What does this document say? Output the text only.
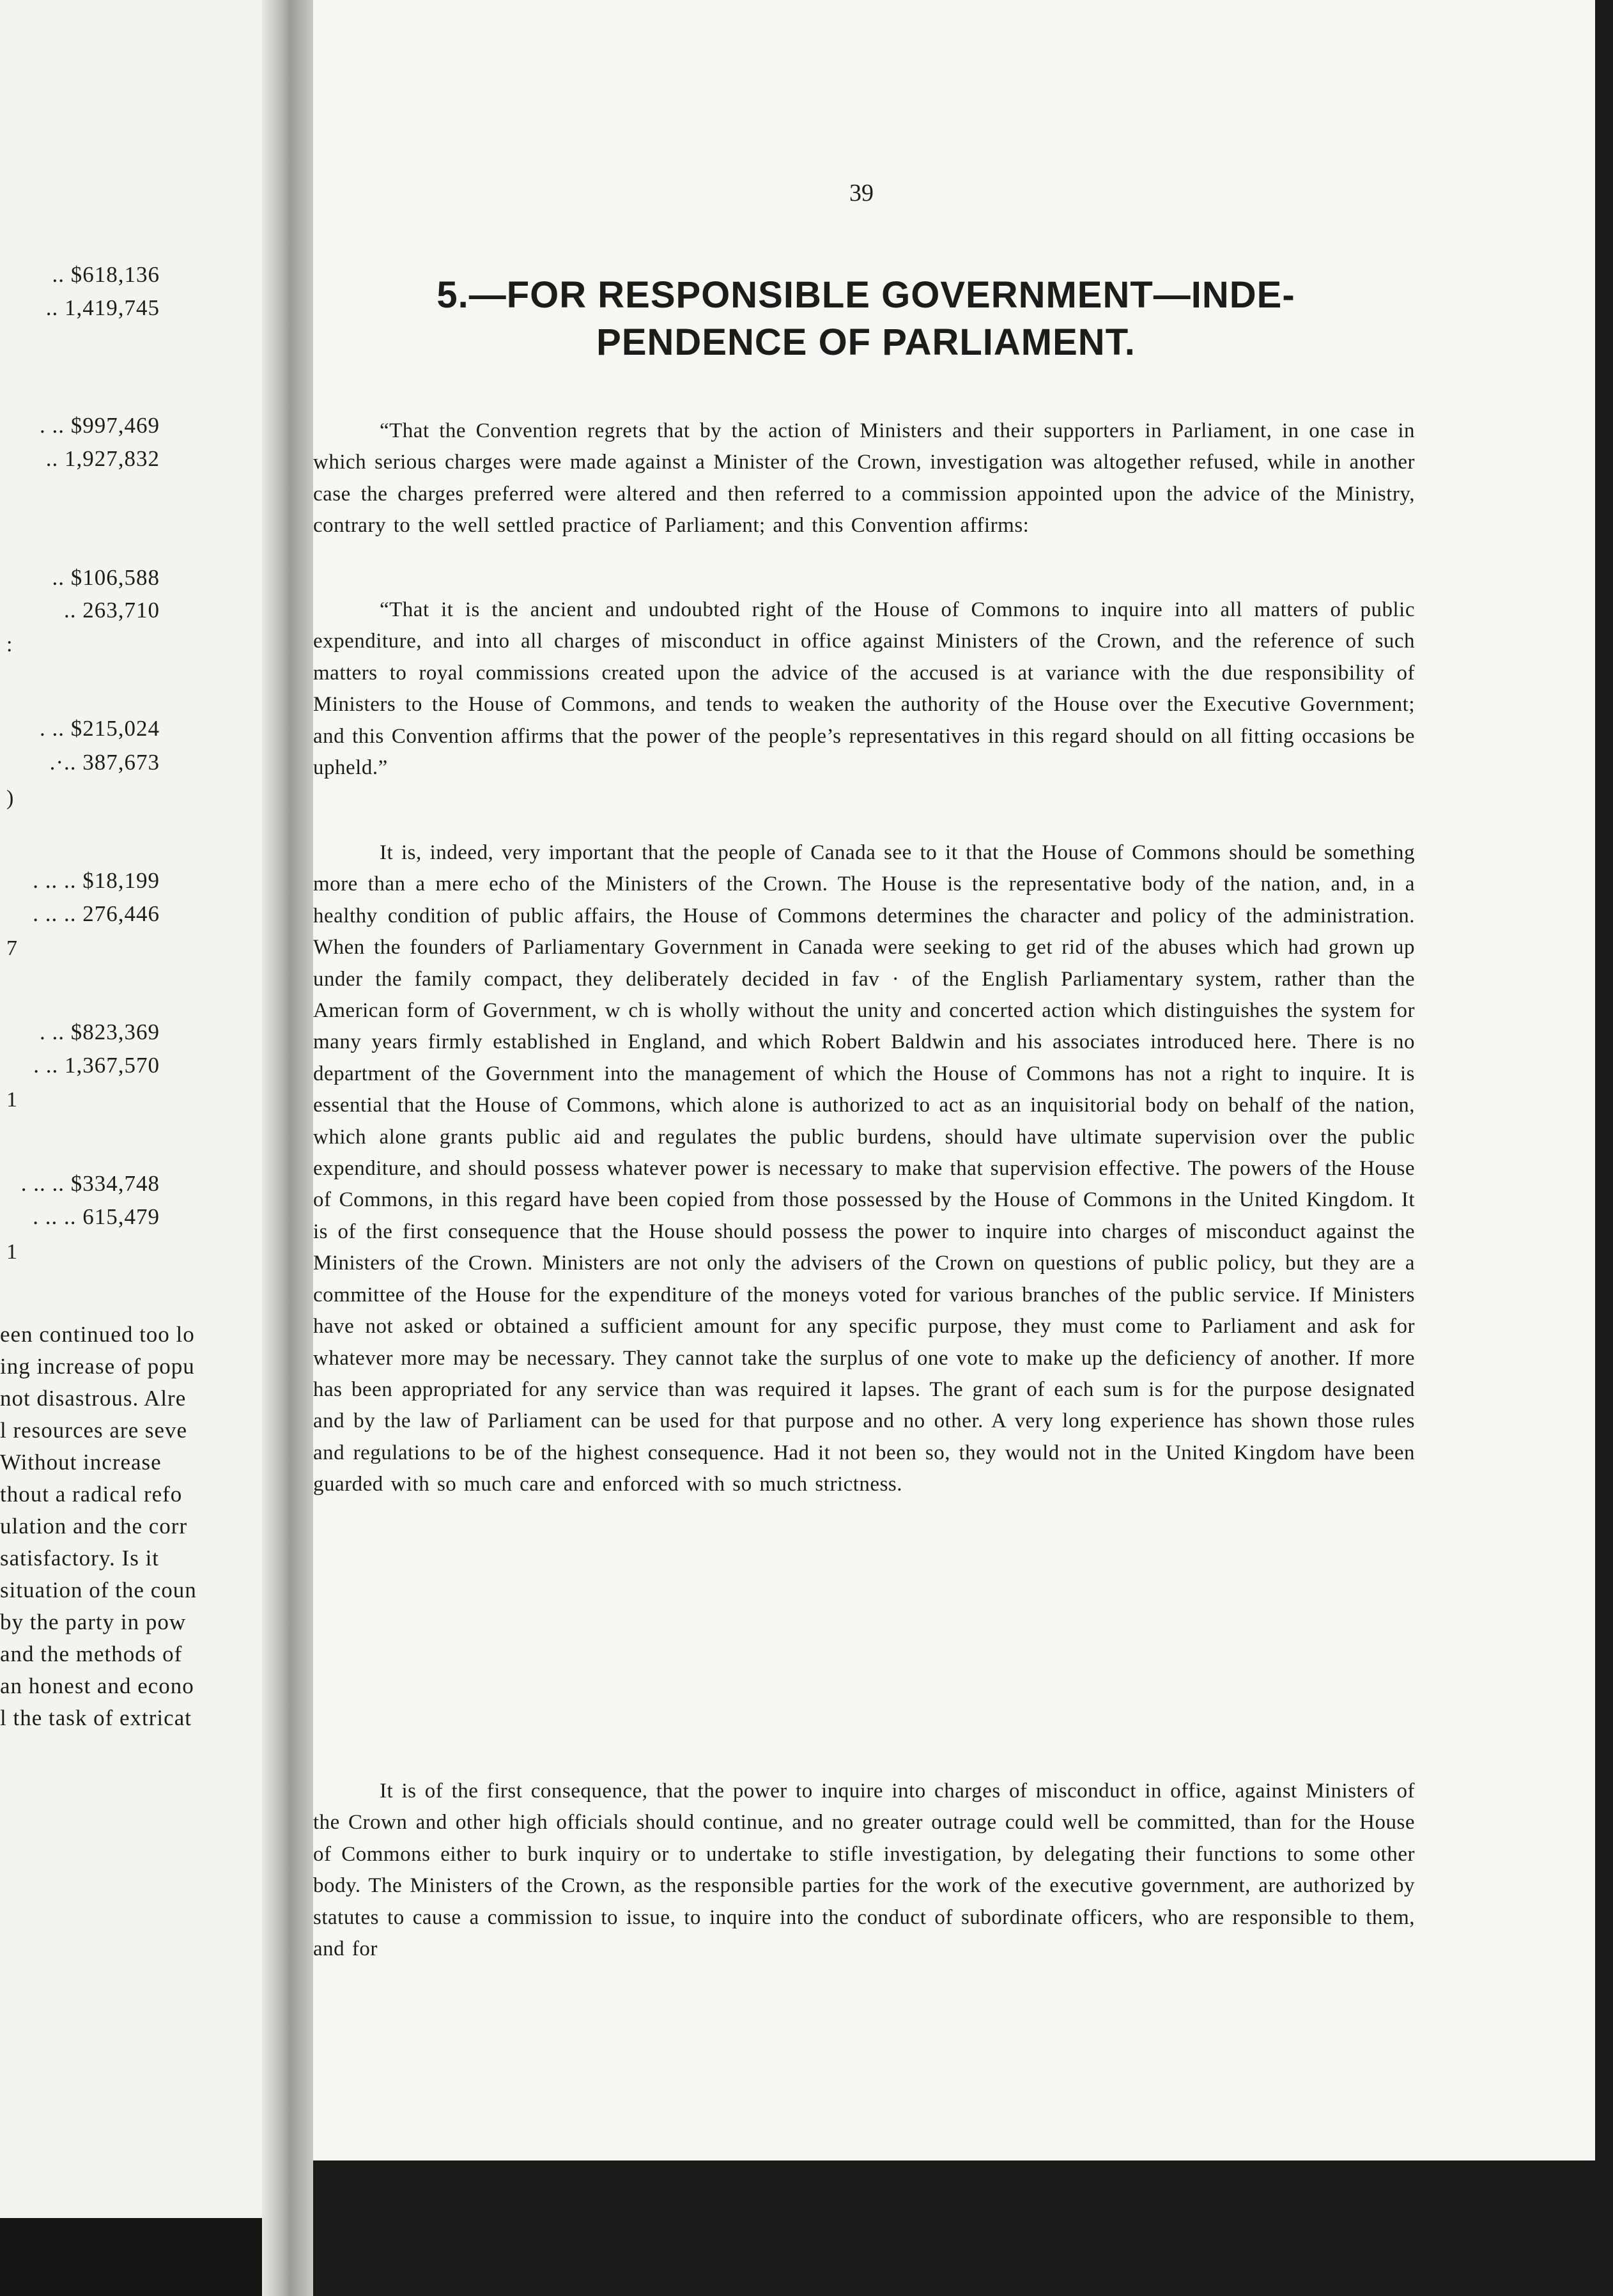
.. $618,136
.. 1,419,745
. .. $997,469
.. 1,927,832
.. $106,588
.. 263,710
:
. .. $215,024
.·.. 387,673
)
. .. .. $18,199
. .. .. 276,446
7
. .. $823,369
. .. 1,367,570
1
. .. .. $334,748
. .. .. 615,479
1
een continued too lo
ing increase of popu
not disastrous. Alre
l resources are seve
Without increase
thout a radical refo
ulation and the corr
satisfactory. Is it
situation of the coun
by the party in pow
and the methods of
an honest and econo
l the task of extricat
39
5.—FOR RESPONSIBLE GOVERNMENT—INDE-
PENDENCE OF PARLIAMENT.

“That the Convention regrets that by the action of Ministers and their supporters in Parliament, in one case in which serious charges were made against a Minister of the Crown, investigation was altogether refused, while in another case the charges preferred were altered and then referred to a commission appointed upon the advice of the Ministry, contrary to the well settled practice of Parliament; and this Convention affirms:

“That it is the ancient and undoubted right of the House of Commons to inquire into all matters of public expenditure, and into all charges of misconduct in office against Ministers of the Crown, and the reference of such matters to royal commissions created upon the advice of the accused is at variance with the due responsibility of Ministers to the House of Commons, and tends to weaken the authority of the House over the Executive Government; and this Convention affirms that the power of the people’s representatives in this regard should on all fitting occasions be upheld.”

It is, indeed, very important that the people of Canada see to it that the House of Commons should be something more than a mere echo of the Ministers of the Crown. The House is the representative body of the nation, and, in a healthy condition of public affairs, the House of Commons determines the character and policy of the administration. When the founders of Parliamentary Government in Canada were seeking to get rid of the abuses which had grown up under the family compact, they deliberately decided in fav · of the English Parliamentary system, rather than the American form of Government, w ch is wholly without the unity and concerted action which distinguishes the system for many years firmly established in England, and which Robert Baldwin and his associates introduced here. There is no department of the Government into the management of which the House of Commons has not a right to inquire. It is essential that the House of Commons, which alone is authorized to act as an inquisitorial body on behalf of the nation, which alone grants public aid and regulates the public burdens, should have ultimate supervision over the public expenditure, and should possess whatever power is necessary to make that supervision effective. The powers of the House of Commons, in this regard have been copied from those possessed by the House of Commons in the United Kingdom. It is of the first consequence that the House should possess the power to inquire into charges of misconduct against the Ministers of the Crown. Ministers are not only the advisers of the Crown on questions of public policy, but they are a committee of the House for the expenditure of the moneys voted for various branches of the public service. If Ministers have not asked or obtained a sufficient amount for any specific purpose, they must come to Parliament and ask for whatever more may be necessary. They cannot take the surplus of one vote to make up the deficiency of another. If more has been appropriated for any service than was required it lapses. The grant of each sum is for the purpose designated and by the law of Parliament can be used for that purpose and no other. A very long experience has shown those rules and regulations to be of the highest consequence. Had it not been so, they would not in the United Kingdom have been guarded with so much care and enforced with so much strictness.

It is of the first consequence, that the power to inquire into charges of misconduct in office, against Ministers of the Crown and other high officials should continue, and no greater outrage could well be committed, than for the House of Commons either to burk inquiry or to undertake to stifle investigation, by delegating their functions to some other body. The Ministers of the Crown, as the responsible parties for the work of the executive government, are authorized by statutes to cause a commission to issue, to inquire into the conduct of subordinate officers, who are responsible to them, and for
